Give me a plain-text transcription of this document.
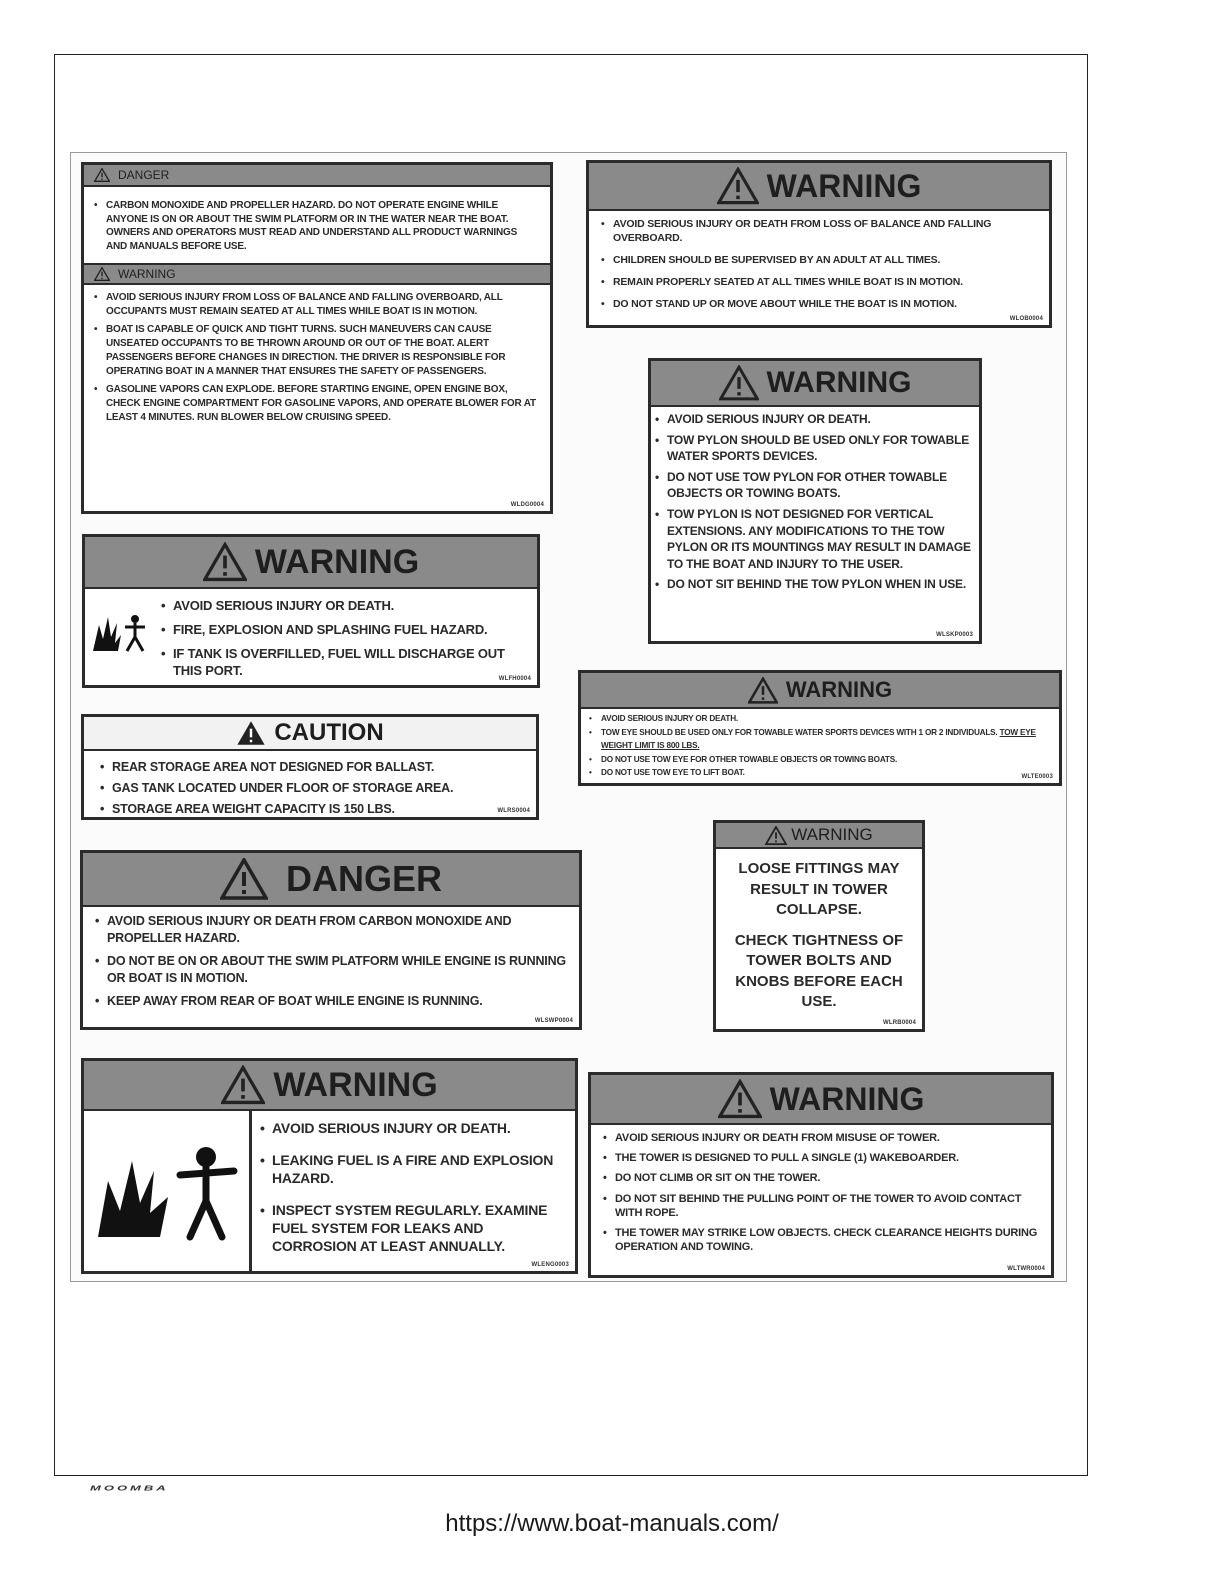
DANGER
• CARBON MONOXIDE AND PROPELLER HAZARD. DO NOT OPERATE ENGINE WHILE ANYONE IS ON OR ABOUT THE SWIM PLATFORM OR IN THE WATER NEAR THE BOAT. OWNERS AND OPERATORS MUST READ AND UNDERSTAND ALL PRODUCT WARNINGS AND MANUALS BEFORE USE.
WARNING
• AVOID SERIOUS INJURY FROM LOSS OF BALANCE AND FALLING OVERBOARD, ALL OCCUPANTS MUST REMAIN SEATED AT ALL TIMES WHILE BOAT IS IN MOTION.
• BOAT IS CAPABLE OF QUICK AND TIGHT TURNS. SUCH MANEUVERS CAN CAUSE UNSEATED OCCUPANTS TO BE THROWN AROUND OR OUT OF THE BOAT. ALERT PASSENGERS BEFORE CHANGES IN DIRECTION. THE DRIVER IS RESPONSIBLE FOR OPERATING BOAT IN A MANNER THAT ENSURES THE SAFETY OF PASSENGERS.
• GASOLINE VAPORS CAN EXPLODE. BEFORE STARTING ENGINE, OPEN ENGINE BOX, CHECK ENGINE COMPARTMENT FOR GASOLINE VAPORS, AND OPERATE BLOWER FOR AT LEAST 4 MINUTES. RUN BLOWER BELOW CRUISING SPEED.
WLDG0004
WARNING
• AVOID SERIOUS INJURY OR DEATH.
• FIRE, EXPLOSION AND SPLASHING FUEL HAZARD.
• IF TANK IS OVERFILLED, FUEL WILL DISCHARGE OUT THIS PORT.
WLFH0004
CAUTION
• REAR STORAGE AREA NOT DESIGNED FOR BALLAST.
• GAS TANK LOCATED UNDER FLOOR OF STORAGE AREA.
• STORAGE AREA WEIGHT CAPACITY IS 150 LBS.	WLRS0004
DANGER
• AVOID SERIOUS INJURY OR DEATH FROM CARBON MONOXIDE AND PROPELLER HAZARD.
• DO NOT BE ON OR ABOUT THE SWIM PLATFORM WHILE ENGINE IS RUNNING OR BOAT IS IN MOTION.
• KEEP AWAY FROM REAR OF BOAT WHILE ENGINE IS RUNNING.
WLSWP0004
WARNING
• AVOID SERIOUS INJURY OR DEATH.
• LEAKING FUEL IS A FIRE AND EXPLOSION HAZARD.
• INSPECT SYSTEM REGULARLY. EXAMINE FUEL SYSTEM FOR LEAKS AND CORROSION AT LEAST ANNUALLY.
WLENG0003
WARNING
• AVOID SERIOUS INJURY OR DEATH FROM LOSS OF BALANCE AND FALLING OVERBOARD.
• CHILDREN SHOULD BE SUPERVISED BY AN ADULT AT ALL TIMES.
• REMAIN PROPERLY SEATED AT ALL TIMES WHILE BOAT IS IN MOTION.
• DO NOT STAND UP OR MOVE ABOUT WHILE THE BOAT IS IN MOTION.
WLOB0004
WARNING
• AVOID SERIOUS INJURY OR DEATH.
• TOW PYLON SHOULD BE USED ONLY FOR TOWABLE WATER SPORTS DEVICES.
• DO NOT USE TOW PYLON FOR OTHER TOWABLE OBJECTS OR TOWING BOATS.
• TOW PYLON IS NOT DESIGNED FOR VERTICAL EXTENSIONS. ANY MODIFICATIONS TO THE TOW PYLON OR ITS MOUNTINGS MAY RESULT IN DAMAGE TO THE BOAT AND INJURY TO THE USER.
• DO NOT SIT BEHIND THE TOW PYLON WHEN IN USE.
WLSKP0003
WARNING
• AVOID SERIOUS INJURY OR DEATH.
• TOW EYE SHOULD BE USED ONLY FOR TOWABLE WATER SPORTS DEVICES WITH 1 OR 2 INDIVIDUALS. TOW EYE WEIGHT LIMIT IS 800 LBS.
• DO NOT USE TOW EYE FOR OTHER TOWABLE OBJECTS OR TOWING BOATS.
• DO NOT USE TOW EYE TO LIFT BOAT.	WLTE0003
WARNING
LOOSE FITTINGS MAY RESULT IN TOWER COLLAPSE.
CHECK TIGHTNESS OF TOWER BOLTS AND KNOBS BEFORE EACH USE.
WLRB0004
WARNING
• AVOID SERIOUS INJURY OR DEATH FROM MISUSE OF TOWER.
• THE TOWER IS DESIGNED TO PULL A SINGLE (1) WAKEBOARDER.
• DO NOT CLIMB OR SIT ON THE TOWER.
• DO NOT SIT BEHIND THE PULLING POINT OF THE TOWER TO AVOID CONTACT WITH ROPE.
• THE TOWER MAY STRIKE LOW OBJECTS. CHECK CLEARANCE HEIGHTS DURING OPERATION AND TOWING.
WLTWR0004
MOOMBA
https://www.boat-manuals.com/
